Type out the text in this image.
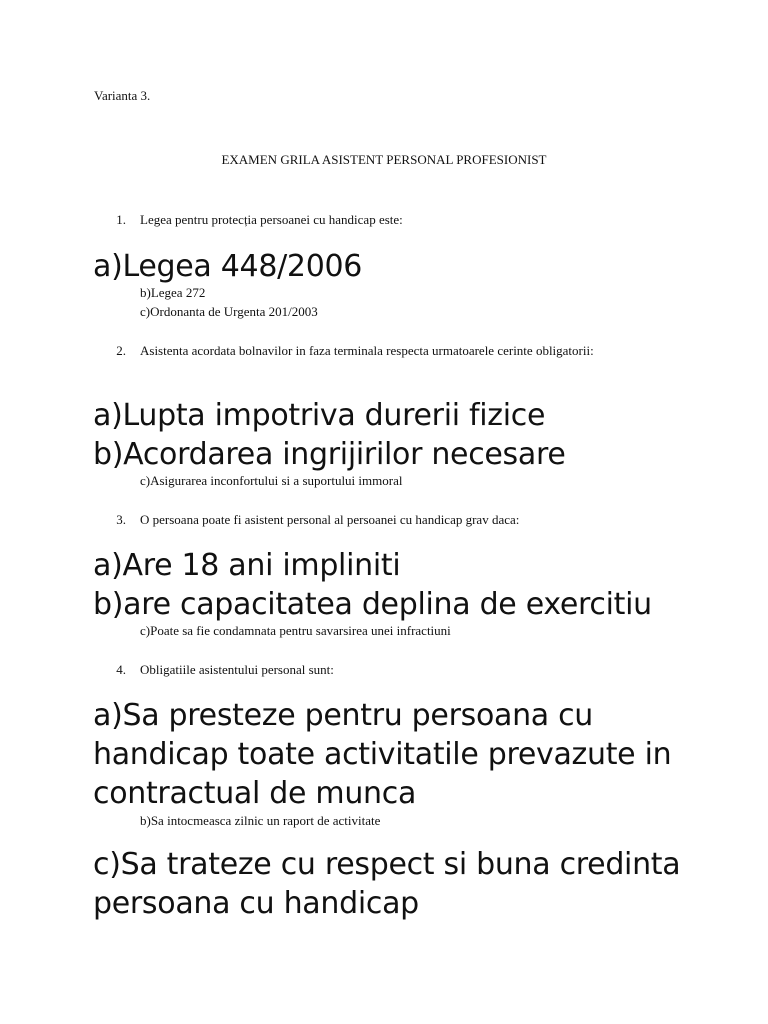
Varianta 3.
EXAMEN GRILA ASISTENT PERSONAL PROFESIONIST
1. Legea pentru protecția persoanei cu handicap este:
a)Legea 448/2006
b)Legea 272
c)Ordonanta de Urgenta 201/2003
2. Asistenta acordata bolnavilor in faza terminala respecta urmatoarele cerinte obligatorii:
a)Lupta impotriva durerii fizice
b)Acordarea ingrijirilor necesare
c)Asigurarea inconfortului si a suportului immoral
3. O persoana poate fi asistent personal al persoanei cu handicap grav daca:
a)Are 18 ani impliniti
b)are capacitatea deplina de exercitiu
c)Poate sa fie condamnata pentru savarsirea unei infractiuni
4. Obligatiile asistentului personal sunt:
a)Sa presteze pentru persoana cu handicap toate activitatile prevazute in contractual de munca
b)Sa intocmeasca zilnic un raport de activitate
c)Sa trateze cu respect si buna credinta persoana cu handicap
